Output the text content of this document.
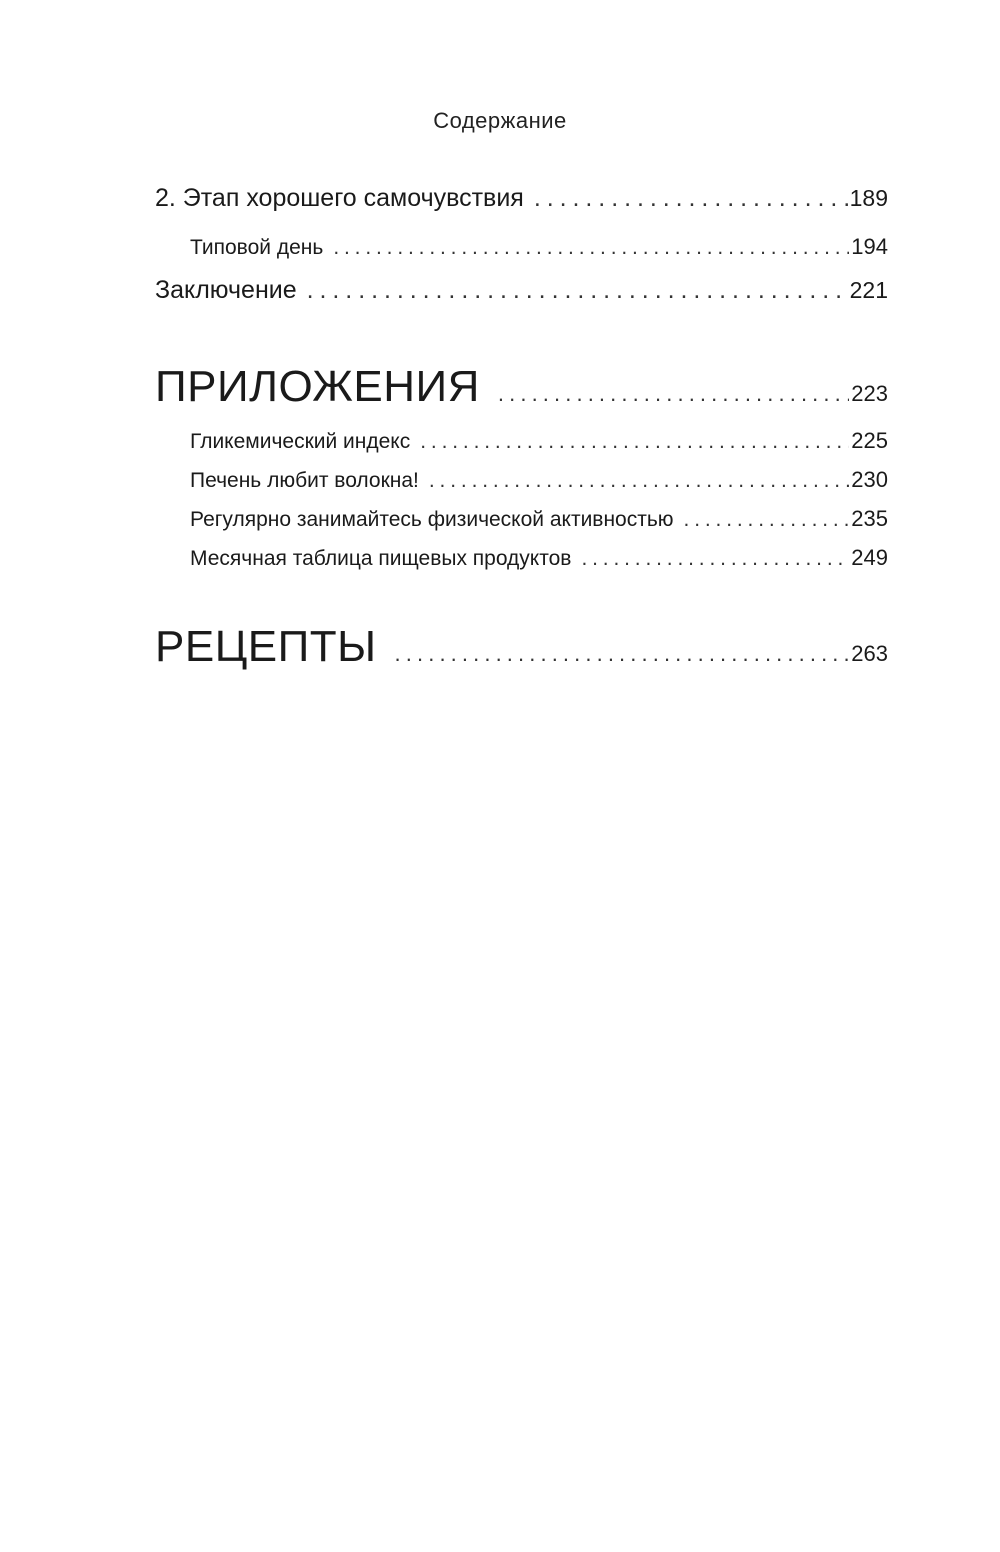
Содержание
2. Этап хорошего самочувствия . . .	189
Типовой день . . .	194
Заключение . . .	221
ПРИЛОЖЕНИЯ . . .	223
Гликемический индекс . . .	225
Печень любит волокна! . . .	230
Регулярно занимайтесь физической активностью . . .	235
Месячная таблица пищевых продуктов . . .	249
РЕЦЕПТЫ . . .	263
